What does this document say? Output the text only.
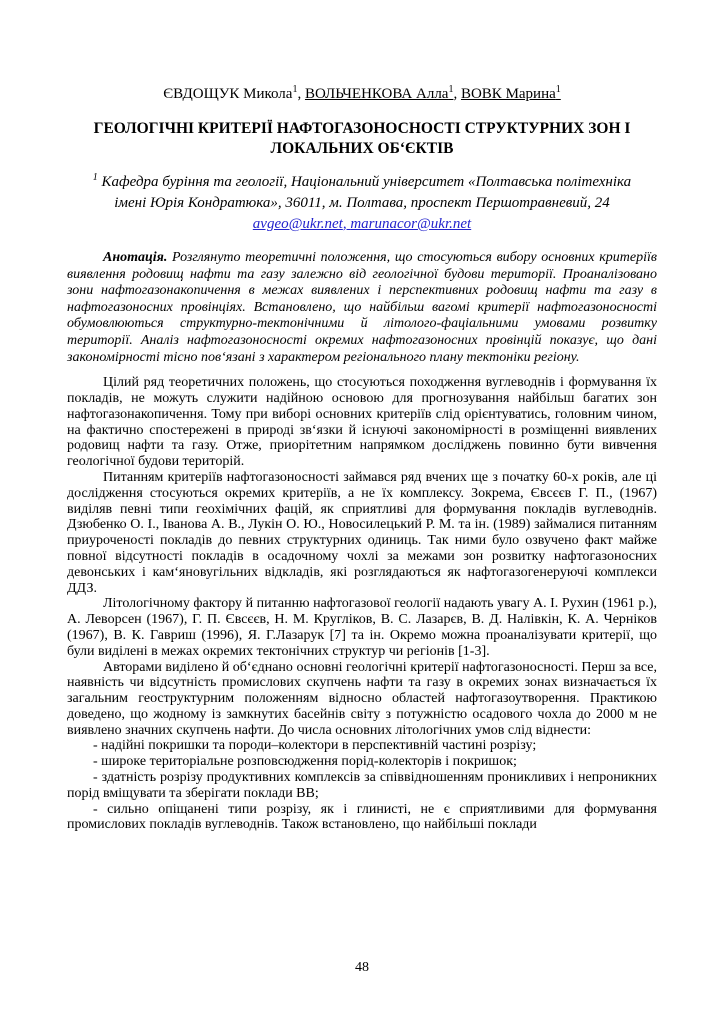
ЄВДОЩУК Микола$^1$, ВОЛЬЧЕНКОВА Алла$^1$, ВОВК Марина$^1$

ГЕОЛОГІЧНІ КРИТЕРІЇ НАФТОГАЗОНОСНОСТІ СТРУКТУРНИХ ЗОН І ЛОКАЛЬНИХ ОБ‘ЄКТІВ

$^1$ Кафедра буріння та геології, Національний університет «Полтавська політехніка імені Юрія Кондратюка», 36011, м. Полтава, проспект Першотравневий, 24

avgeo@ukr.net, marunacor@ukr.net

Анотація. Розглянуто теоретичні положення, що стосуються вибору основних критеріїв виявлення родовищ нафти та газу залежно від геологічної будови території. Проаналізовано зони нафтогазонакопичення в межах виявлених і перспективних родовищ нафти та газу в нафтогазоносних провінціях. Встановлено, що найбільш вагомі критерії нафтогазоносності обумовлюються структурно-тектонічними й літолого-фаціальними умовами розвитку території. Аналіз нафтогазоносності окремих нафтогазоносних провінцій показує, що дані закономірності тісно пов‘язані з характером регіонального плану тектоніки регіону.

Цілий ряд теоретичних положень, що стосуються походження вуглеводнів і формування їх покладів, не можуть служити надійною основою для прогнозування найбільш багатих зон нафтогазонакопичення. Тому при виборі основних критеріїв слід орієнтуватись, головним чином, на фактично спостережені в природі зв‘язки й існуючі закономірності в розміщенні виявлених родовищ нафти та газу. Отже, приорітетним напрямком досліджень повинно бути вивчення геологічної будови територій.

Питанням критеріїв нафтогазоносності займався ряд вчених ще з початку 60-х років, але ці дослідження стосуються окремих критеріїв, а не їх комплексу. Зокрема, Євсєєв Г. П., (1967) виділяв певні типи геохімічних фацій, як сприятливі для формування покладів вуглеводнів. Дзюбенко О. І., Іванова А. В., Лукін О. Ю., Новосилецький Р. М. та ін. (1989) займалися питанням приуроченості покладів до певних структурних одиниць. Так ними було озвучено факт майже повної відсутності покладів в осадочному чохлі за межами зон розвитку нафтогазоносних девонських і кам‘яновугільних відкладів, які розглядаються як нафтогазогенеруючі комплекси ДДЗ.

Літологічному фактору й питанню нафтогазової геології надають увагу А. І. Рухин (1961 р.), А. Леворсен (1967), Г. П. Євсєєв, Н. М. Кругліков, В. С. Лазарєв, В. Д. Налівкін, К. А. Черніков (1967), В. К. Гавриш (1996), Я. Г.Лазарук [7] та ін. Окремо можна проаналізувати критерії, що були виділені в межах окремих тектонічних структур чи регіонів [1-3].

Авторами виділено й об‘єднано основні геологічні критерії нафтогазоносності. Перш за все, наявність чи відсутність промислових скупчень нафти та газу в окремих зонах визначається їх загальним геоструктурним положенням відносно областей нафтогазоутворення. Практикою доведено, що жодному із замкнутих басейнів світу з потужністю осадового чохла до 2000 м не виявлено значних скупчень нафти. До числа основних літологічних умов слід віднести:

- надійні покришки та породи–колектори в перспективній частині розрізу;

- широке територіальне розповсюдження порід-колекторів і покришок;

- здатність розрізу продуктивних комплексів за співвідношенням проникливих і непроникних порід вміщувати та зберігати поклади ВВ;

- сильно опіщанені типи розрізу, як і глинисті, не є сприятливими для формування промислових покладів вуглеводнів. Також встановлено, що найбільші поклади

48
